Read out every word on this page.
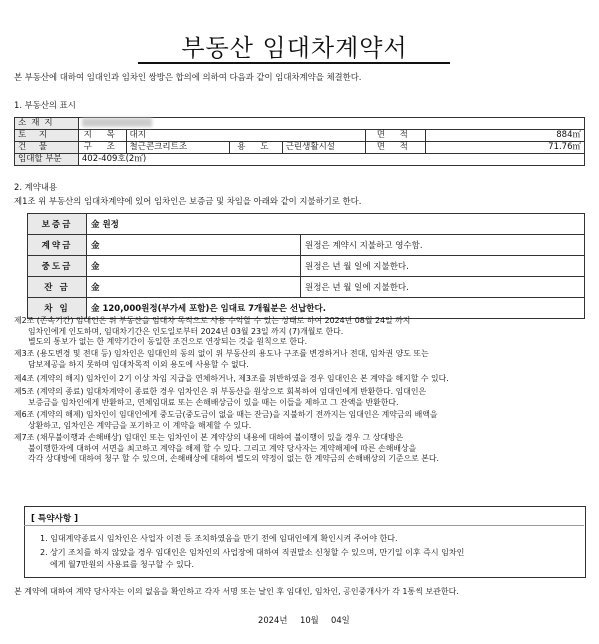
부동산 임대차계약서
본 부동산에 대하여 임대인과 임차인 쌍방은 합의에 의하여 다음과 같이 임대차계약을 체결한다.
1. 부동산의 표시
소재지						
토 지	지 목	대지			면 적	884㎡
건 물	구 조	철근콘크리트조	용 도	근린생활시설	면 적	71.76㎡
임대할 부분	402-409호(2㎡)					
2. 계약내용
제1조 위 부동산의 임대차계약에 있어 임차인은 보증금 및 차임을 아래와 같이 지불하기로 한다.
보증금	金 원정	
계약금	金	원정은 계약시 지불하고 영수함.
중도금	金	원정은 년 월 일에 지불한다.
잔 금	金	원정은 년 월 일에 지불한다.
차 임	金 120,000원정(부가세 포함)은 임대료 7개월분은 선납한다.	
제2조 (존속기간) 임대인은 위 부동산을 임대차 목적으로 사용 수익할 수 있는 상태로 하여 2024년 08월 24일 까지
임차인에게 인도하며, 임대차기간은 인도일로부터 2024년 03월 23일 까지 (7)개월로 한다.
별도의 통보가 없는 한 계약기간이 동일한 조건으로 연장되는 것을 원칙으로 한다.
제3조 (용도변경 및 전대 등) 임차인은 임대인의 동의 없이 위 부동산의 용도나 구조를 변경하거나 전대, 임차권 양도 또는
담보제공을 하지 못하며 임대차목적 이외 용도에 사용할 수 없다.
제4조 (계약의 해지) 임차인이 2기 이상 차임 지급을 연체하거나, 제3조를 위반하였을 경우 임대인은 본 계약을 해지할 수 있다.
제5조 (계약의 종료) 임대차계약이 종료한 경우 임차인은 위 부동산을 원상으로 회복하여 임대인에게 반환한다. 임대인은
보증금을 임차인에게 반환하고, 연체임대료 또는 손해배상금이 있을 때는 이들을 제하고 그 잔액을 반환한다.
제6조 (계약의 해제) 임차인이 임대인에게 중도금(중도금이 없을 때는 잔금)을 지불하기 전까지는 임대인은 계약금의 배액을
상환하고, 임차인은 계약금을 포기하고 이 계약을 해제할 수 있다.
제7조 (채무불이행과 손해배상) 임대인 또는 임차인이 본 계약상의 내용에 대하여 불이행이 있을 경우 그 상대방은
불이행한자에 대하여 서면을 최고하고 계약을 해제 할 수 있다. 그리고 계약 당사자는 계약해제에 따른 손해배상을
각각 상대방에 대하여 청구 할 수 있으며, 손해배상에 대하여 별도의 약정이 없는 한 계약금의 손해배상의 기준으로 본다.
[ 특약사항 ]
1. 임대계약종료시 임차인은 사업자 이전 등 조치하였음을 만기 전에 임대인에게 확인시켜 주어야 한다.
2. 상기 조치를 하지 않았을 경우 임대인은 임차인의 사업장에 대하여 직권말소 신청할 수 있으며, 만기일 이후 즉시 임차인
에게 월7만원의 사용료를 청구할 수 있다.
본 계약에 대하여 계약 당사자는 이의 없음을 확인하고 각자 서명 또는 날인 후 임대인, 임차인, 공인중개사가 각 1통씩 보관한다.
2024년 10월 04일
